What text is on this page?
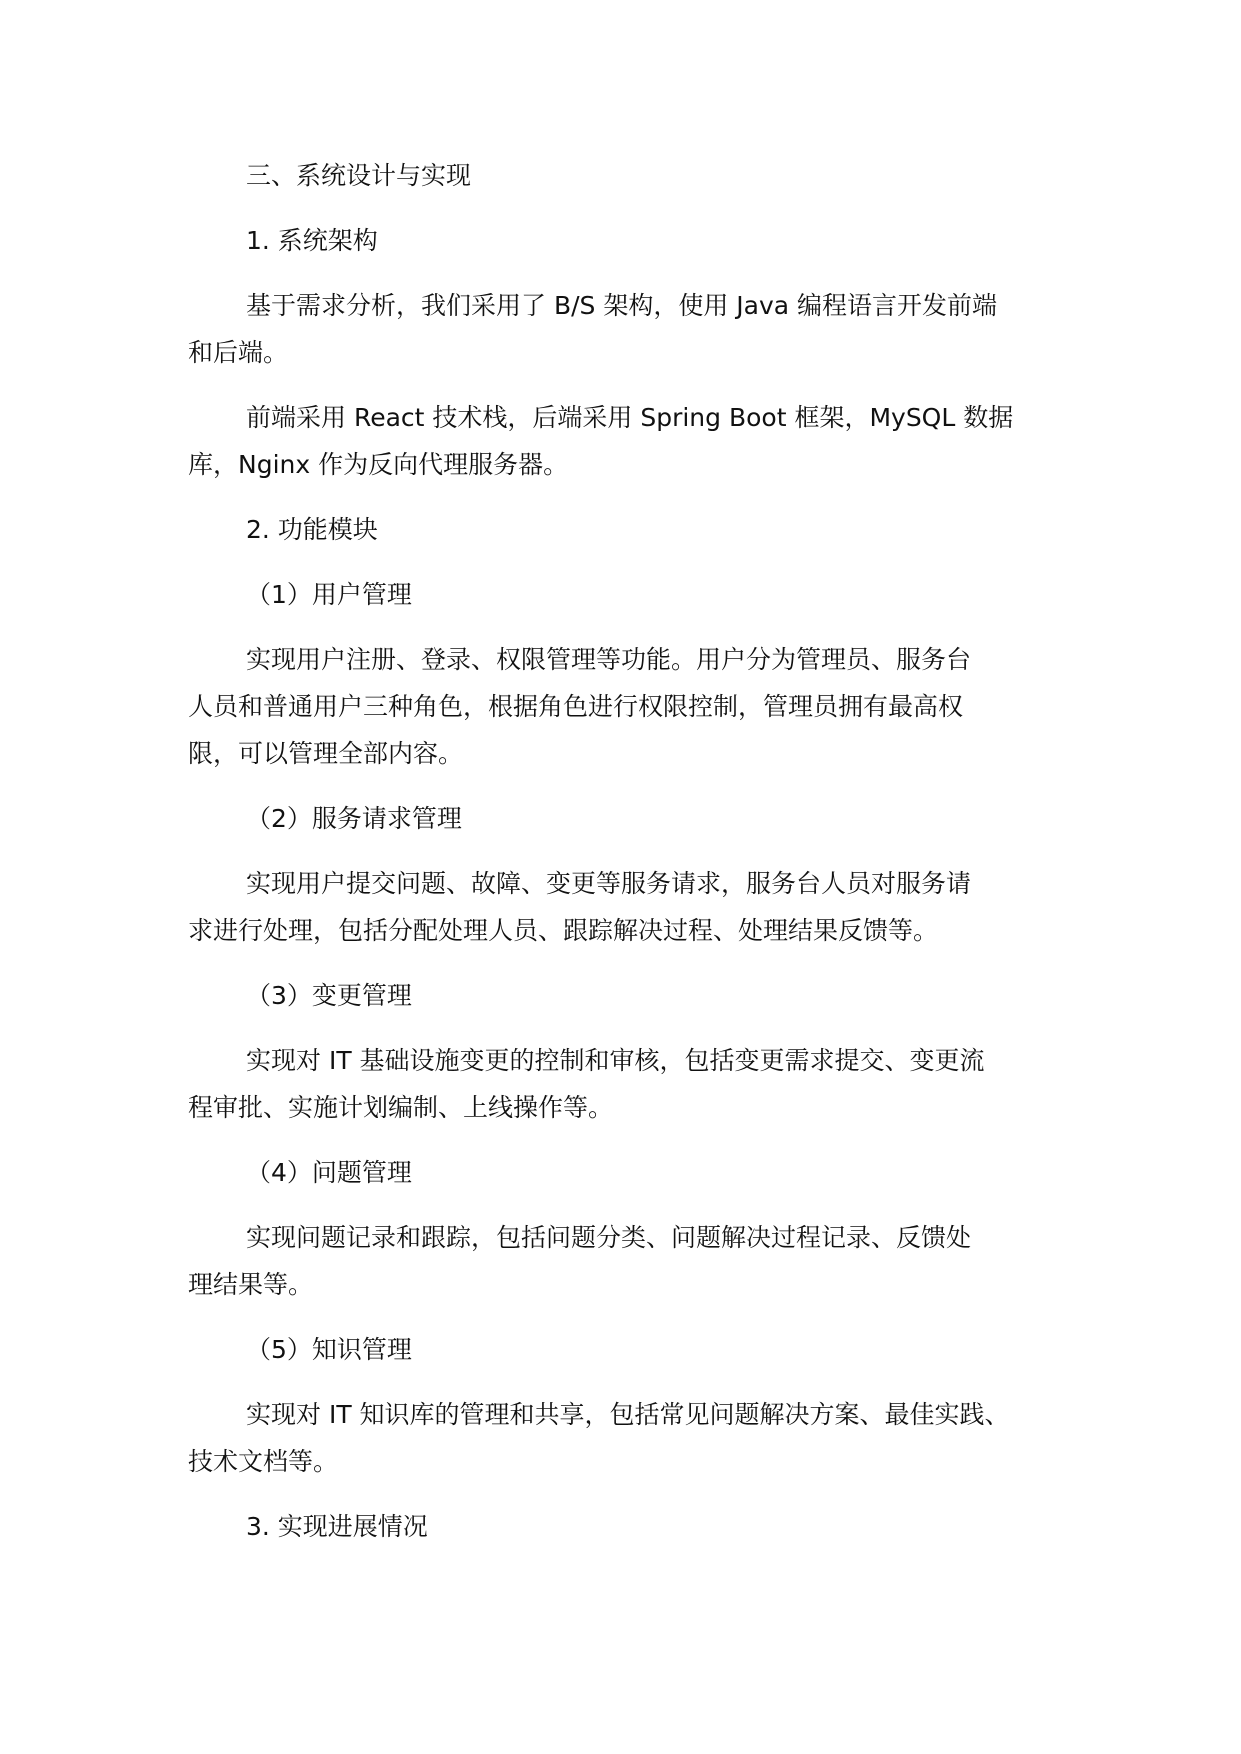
三、系统设计与实现
1. 系统架构
基于需求分析，我们采用了 B/S 架构，使用 Java 编程语言开发前端
和后端。
前端采用 React 技术栈，后端采用 Spring Boot 框架，MySQL 数据
库，Nginx 作为反向代理服务器。
2. 功能模块
（1）用户管理
实现用户注册、登录、权限管理等功能。用户分为管理员、服务台
人员和普通用户三种角色，根据角色进行权限控制，管理员拥有最高权
限，可以管理全部内容。
（2）服务请求管理
实现用户提交问题、故障、变更等服务请求，服务台人员对服务请
求进行处理，包括分配处理人员、跟踪解决过程、处理结果反馈等。
（3）变更管理
实现对 IT 基础设施变更的控制和审核，包括变更需求提交、变更流
程审批、实施计划编制、上线操作等。
（4）问题管理
实现问题记录和跟踪，包括问题分类、问题解决过程记录、反馈处
理结果等。
（5）知识管理
实现对 IT 知识库的管理和共享，包括常见问题解决方案、最佳实践、
技术文档等。
3. 实现进展情况
